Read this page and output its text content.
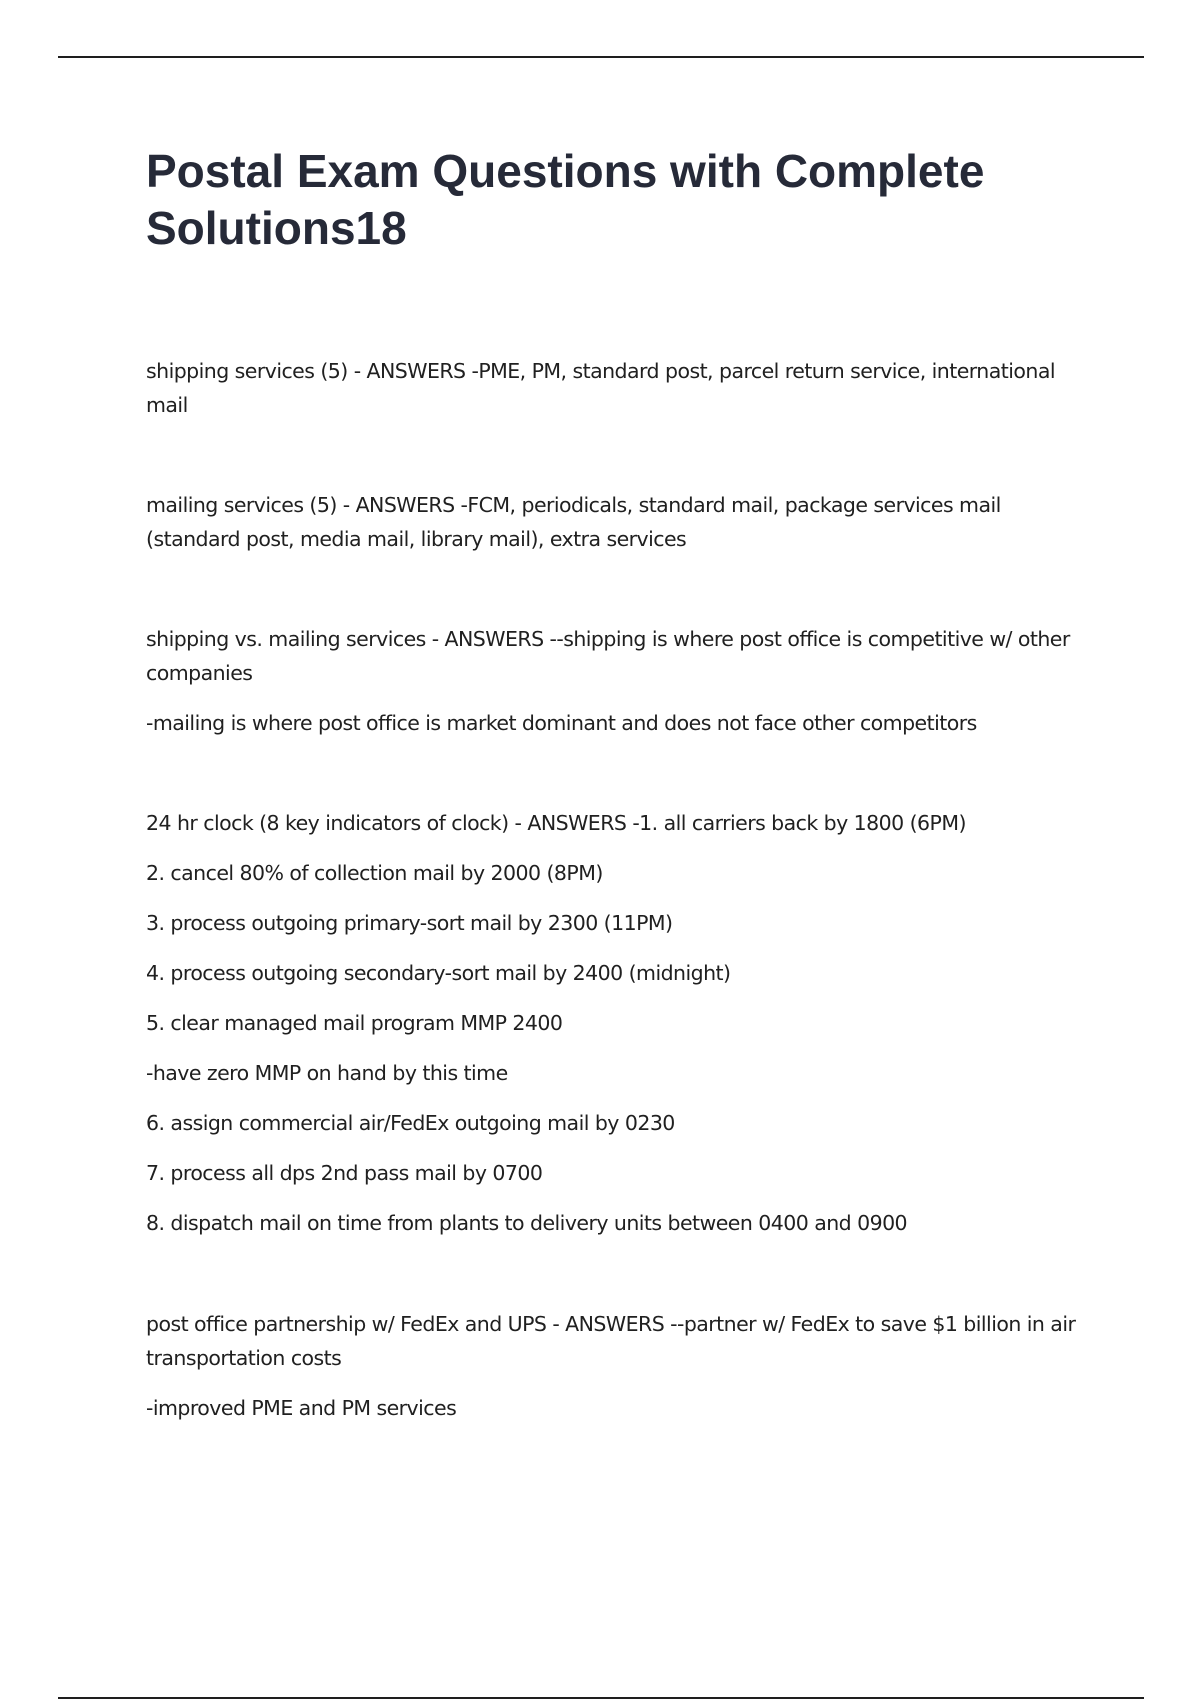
Postal Exam Questions with Complete Solutions18

shipping services (5) - ANSWERS -PME, PM, standard post, parcel return service, international mail

mailing services (5) - ANSWERS -FCM, periodicals, standard mail, package services mail (standard post, media mail, library mail), extra services

shipping vs. mailing services - ANSWERS --shipping is where post office is competitive w/ other companies

-mailing is where post office is market dominant and does not face other competitors

24 hr clock (8 key indicators of clock) - ANSWERS -1. all carriers back by 1800 (6PM)

2. cancel 80% of collection mail by 2000 (8PM)

3. process outgoing primary-sort mail by 2300 (11PM)

4. process outgoing secondary-sort mail by 2400 (midnight)

5. clear managed mail program MMP 2400

-have zero MMP on hand by this time

6. assign commercial air/FedEx outgoing mail by 0230

7. process all dps 2nd pass mail by 0700

8. dispatch mail on time from plants to delivery units between 0400 and 0900

post office partnership w/ FedEx and UPS - ANSWERS --partner w/ FedEx to save $1 billion in air transportation costs

-improved PME and PM services
